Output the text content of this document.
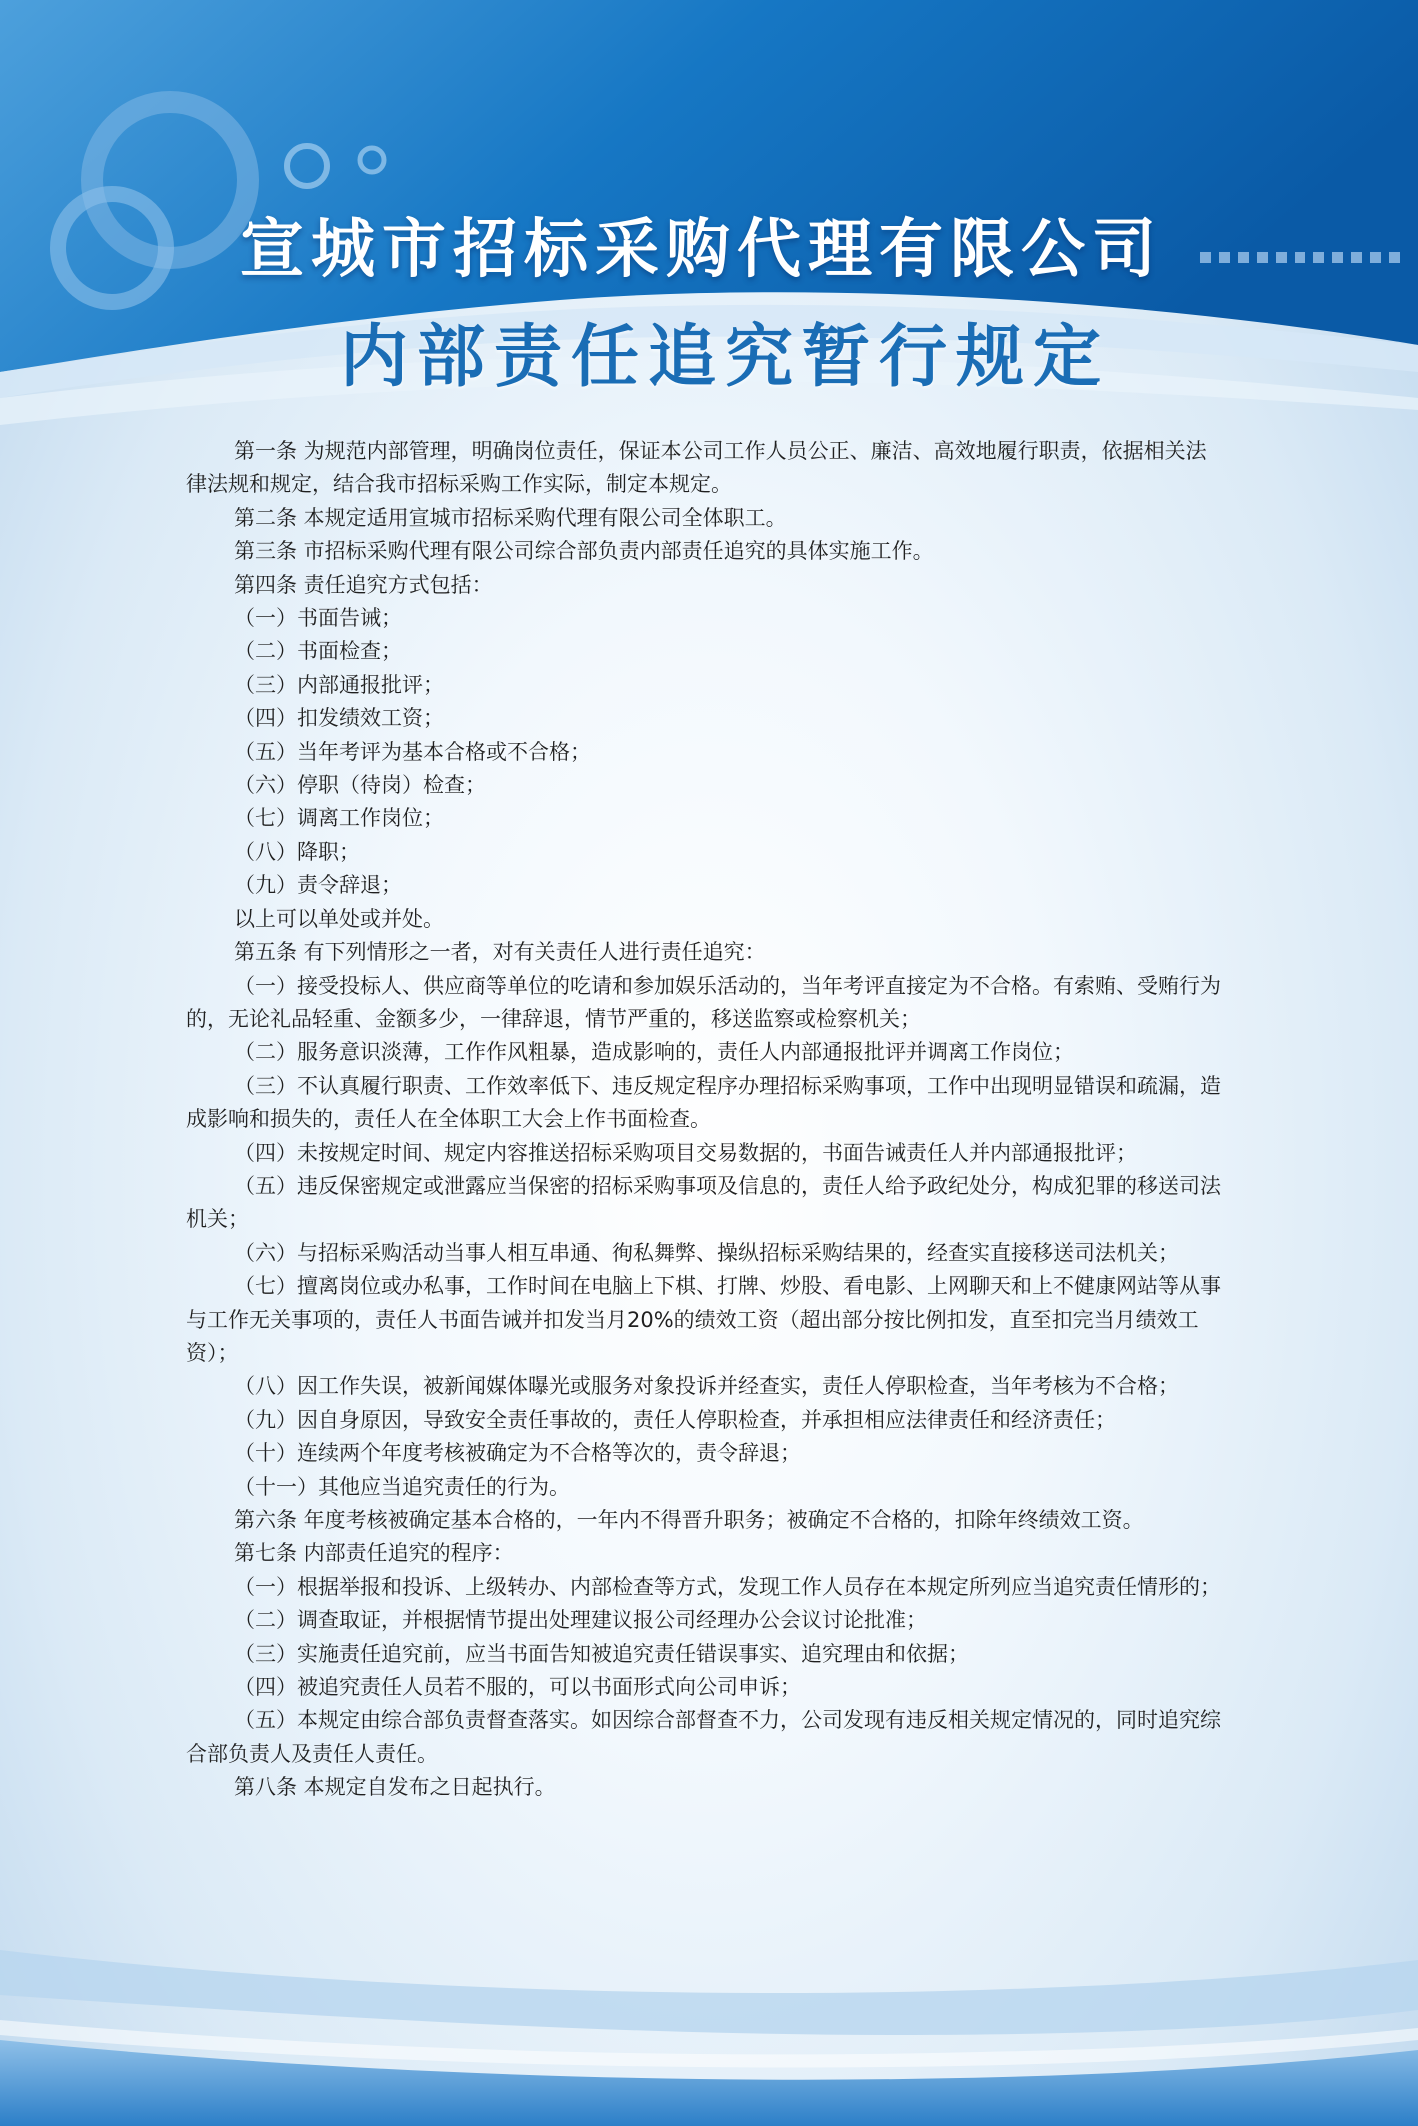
宣城市招标采购代理有限公司
内部责任追究暂行规定

第一条 为规范内部管理，明确岗位责任，保证本公司工作人员公正、廉洁、高效地履行职责，依据相关法律法规和规定，结合我市招标采购工作实际，制定本规定。

第二条 本规定适用宣城市招标采购代理有限公司全体职工。

第三条 市招标采购代理有限公司综合部负责内部责任追究的具体实施工作。

第四条 责任追究方式包括：

（一）书面告诫；

（二）书面检查；

（三）内部通报批评；

（四）扣发绩效工资；

（五）当年考评为基本合格或不合格；

（六）停职（待岗）检查；

（七）调离工作岗位；

（八）降职；

（九）责令辞退；

以上可以单处或并处。

第五条 有下列情形之一者，对有关责任人进行责任追究：

（一）接受投标人、供应商等单位的吃请和参加娱乐活动的，当年考评直接定为不合格。有索贿、受贿行为的，无论礼品轻重、金额多少，一律辞退，情节严重的，移送监察或检察机关；

（二）服务意识淡薄，工作作风粗暴，造成影响的，责任人内部通报批评并调离工作岗位；

（三）不认真履行职责、工作效率低下、违反规定程序办理招标采购事项，工作中出现明显错误和疏漏，造成影响和损失的，责任人在全体职工大会上作书面检查。

（四）未按规定时间、规定内容推送招标采购项目交易数据的，书面告诫责任人并内部通报批评；

（五）违反保密规定或泄露应当保密的招标采购事项及信息的，责任人给予政纪处分，构成犯罪的移送司法机关；

（六）与招标采购活动当事人相互串通、徇私舞弊、操纵招标采购结果的，经查实直接移送司法机关；

（七）擅离岗位或办私事，工作时间在电脑上下棋、打牌、炒股、看电影、上网聊天和上不健康网站等从事与工作无关事项的，责任人书面告诫并扣发当月20%的绩效工资（超出部分按比例扣发，直至扣完当月绩效工资）；

（八）因工作失误，被新闻媒体曝光或服务对象投诉并经查实，责任人停职检查，当年考核为不合格；

（九）因自身原因，导致安全责任事故的，责任人停职检查，并承担相应法律责任和经济责任；

（十）连续两个年度考核被确定为不合格等次的，责令辞退；

（十一）其他应当追究责任的行为。

第六条 年度考核被确定基本合格的，一年内不得晋升职务；被确定不合格的，扣除年终绩效工资。

第七条 内部责任追究的程序：

（一）根据举报和投诉、上级转办、内部检查等方式，发现工作人员存在本规定所列应当追究责任情形的；

（二）调查取证，并根据情节提出处理建议报公司经理办公会议讨论批准；

（三）实施责任追究前，应当书面告知被追究责任错误事实、追究理由和依据；

（四）被追究责任人员若不服的，可以书面形式向公司申诉；

（五）本规定由综合部负责督查落实。如因综合部督查不力，公司发现有违反相关规定情况的，同时追究综合部负责人及责任人责任。

第八条 本规定自发布之日起执行。
